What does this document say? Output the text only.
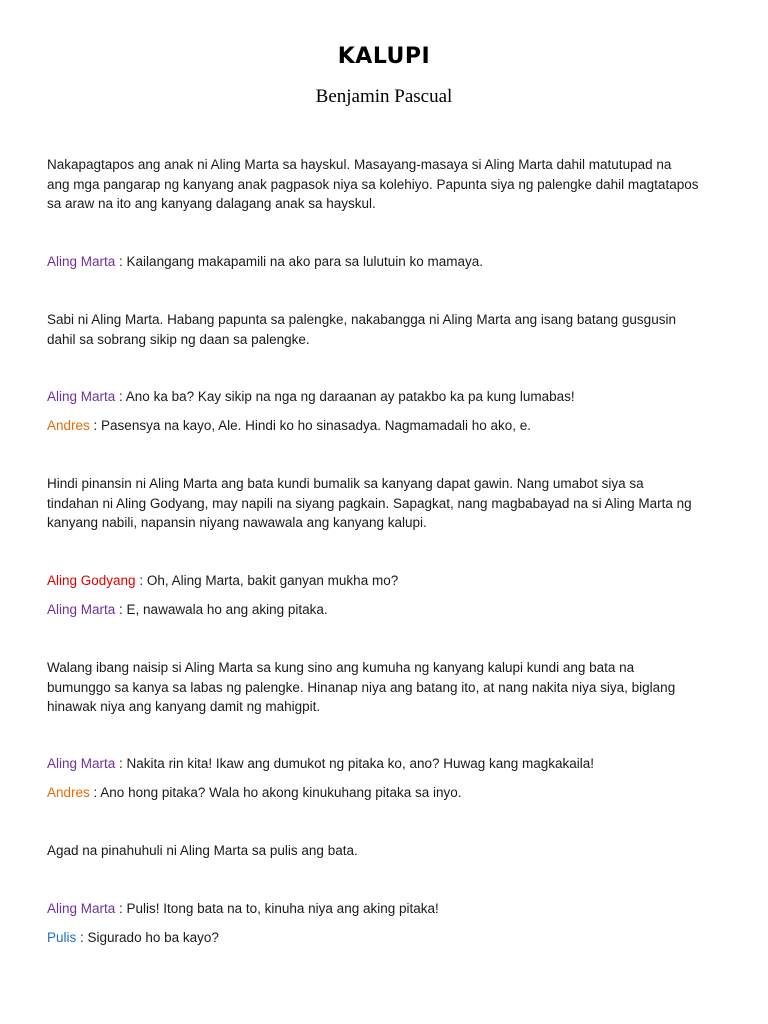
KALUPI
Benjamin Pascual
Nakapagtapos ang anak ni Aling Marta sa hayskul. Masayang-masaya si Aling Marta dahil matutupad na
ang mga pangarap ng kanyang anak pagpasok niya sa kolehiyo. Papunta siya ng palengke dahil magtatapos
sa araw na ito ang kanyang dalagang anak sa hayskul.
Aling Marta : Kailangang makapamili na ako para sa lulutuin ko mamaya.
Sabi ni Aling Marta. Habang papunta sa palengke, nakabangga ni Aling Marta ang isang batang gusgusin
dahil sa sobrang sikip ng daan sa palengke.
Aling Marta : Ano ka ba? Kay sikip na nga ng daraanan ay patakbo ka pa kung lumabas!
Andres : Pasensya na kayo, Ale. Hindi ko ho sinasadya. Nagmamadali ho ako, e.
Hindi pinansin ni Aling Marta ang bata kundi bumalik sa kanyang dapat gawin. Nang umabot siya sa
tindahan ni Aling Godyang, may napili na siyang pagkain. Sapagkat, nang magbabayad na si Aling Marta ng
kanyang nabili, napansin niyang nawawala ang kanyang kalupi.
Aling Godyang : Oh, Aling Marta, bakit ganyan mukha mo?
Aling Marta : E, nawawala ho ang aking pitaka.
Walang ibang naisip si Aling Marta sa kung sino ang kumuha ng kanyang kalupi kundi ang bata na
bumunggo sa kanya sa labas ng palengke. Hinanap niya ang batang ito, at nang nakita niya siya, biglang
hinawak niya ang kanyang damit ng mahigpit.
Aling Marta : Nakita rin kita! Ikaw ang dumukot ng pitaka ko, ano? Huwag kang magkakaila!
Andres : Ano hong pitaka? Wala ho akong kinukuhang pitaka sa inyo.
Agad na pinahuhuli ni Aling Marta sa pulis ang bata.
Aling Marta : Pulis! Itong bata na to, kinuha niya ang aking pitaka!
Pulis : Sigurado ho ba kayo?
